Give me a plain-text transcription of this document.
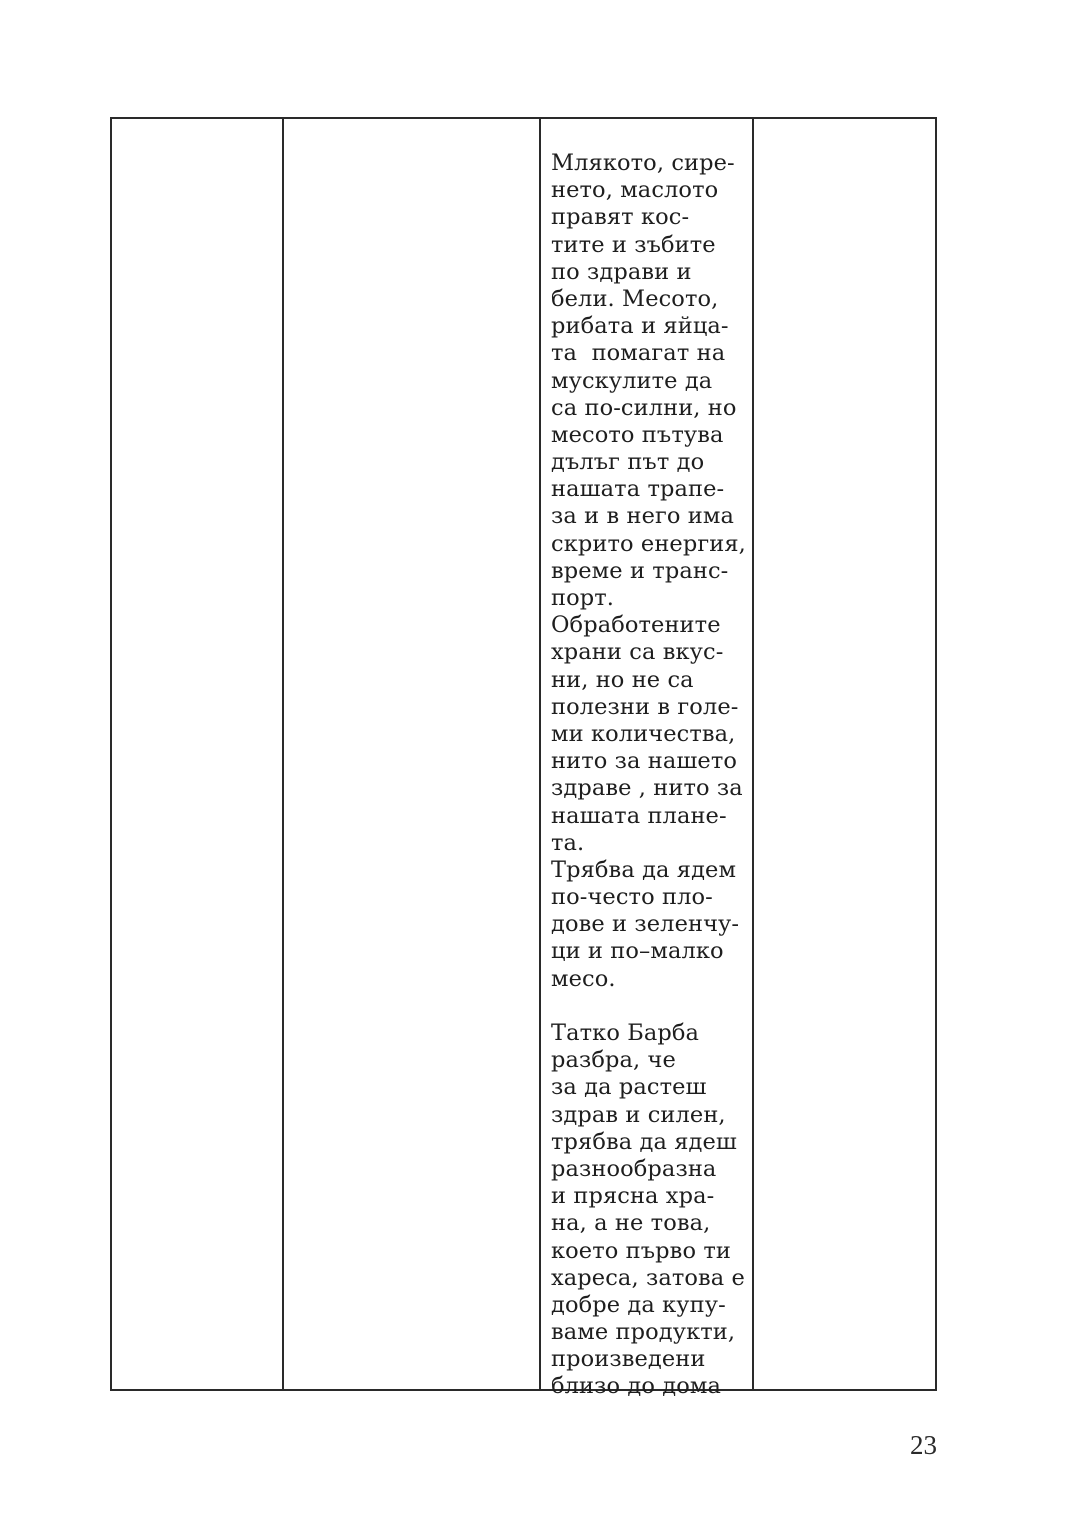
Млякото, сире-
нето, маслото
правят кос-
тите и зъбите
по здрави и
бели. Месото,
рибата и яйца-
та  помагат на
мускулите да
са по-силни, но
месото пътува
дълъг път до
нашата трапе-
за и в него има
скрито енергия,
време и транс-
порт.
Обработените
храни са вкус-
ни, но не са
полезни в голе-
ми количества,
нито за нашето
здраве , нито за
нашата плане-
та.
Трябва да ядем
по-често пло-
дове и зеленчу-
ци и по–малко
месо.
Татко Барба
разбра, че
за да растеш
здрав и силен,
трябва да ядеш
разнообразна
и прясна хра-
на, а не това,
което първо ти
хареса, затова е
добре да купу-
ваме продукти,
произведени
близо до дома
23
